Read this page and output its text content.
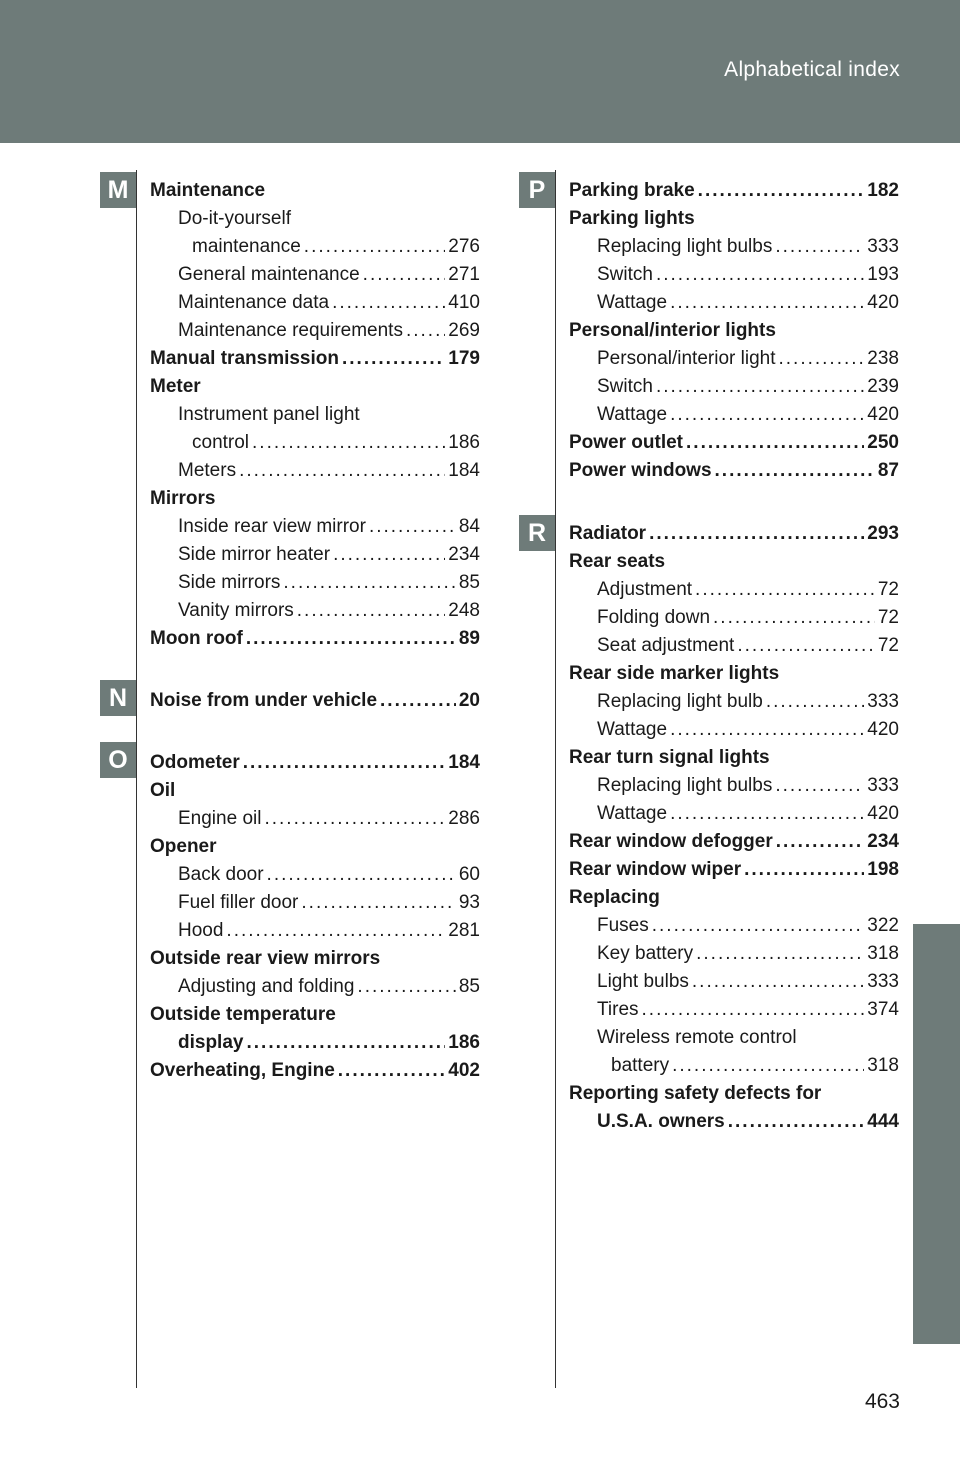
Alphabetical index
M
N
O
P
R
Maintenance
Do-it-yourself
maintenance .....	276
General maintenance .....	271
Maintenance data .....	410
Maintenance requirements ..... 269
Manual transmission .....	179
Meter
Instrument panel light
control .....	186
Meters .....	184
Mirrors
Inside rear view mirror .....	84
Side mirror heater .....	234
Side mirrors .....	85
Vanity mirrors .....	248
Moon roof .....	89
Noise from under vehicle .....	20
Odometer .....	184
Oil
Engine oil .....	286
Opener
Back door .....	60
Fuel filler door .....	93
Hood .....	281
Outside rear view mirrors
Adjusting and folding .....	85
Outside temperature
display .....	186
Overheating, Engine .....	402
Parking brake .....	182
Parking lights
Replacing light bulbs .....	333
Switch .....	193
Wattage .....	420
Personal/interior lights
Personal/interior light .....	238
Switch .....	239
Wattage .....	420
Power outlet .....	250
Power windows .....	87
Radiator .....	293
Rear seats
Adjustment .....	72
Folding down .....	72
Seat adjustment .....	72
Rear side marker lights
Replacing light bulb .....	333
Wattage .....	420
Rear turn signal lights
Replacing light bulbs .....	333
Wattage .....	420
Rear window defogger .....	234
Rear window wiper .....	198
Replacing
Fuses .....	322
Key battery .....	318
Light bulbs .....	333
Tires .....	374
Wireless remote control
battery .....	318
Reporting safety defects for
U.S.A. owners .....	444
463
